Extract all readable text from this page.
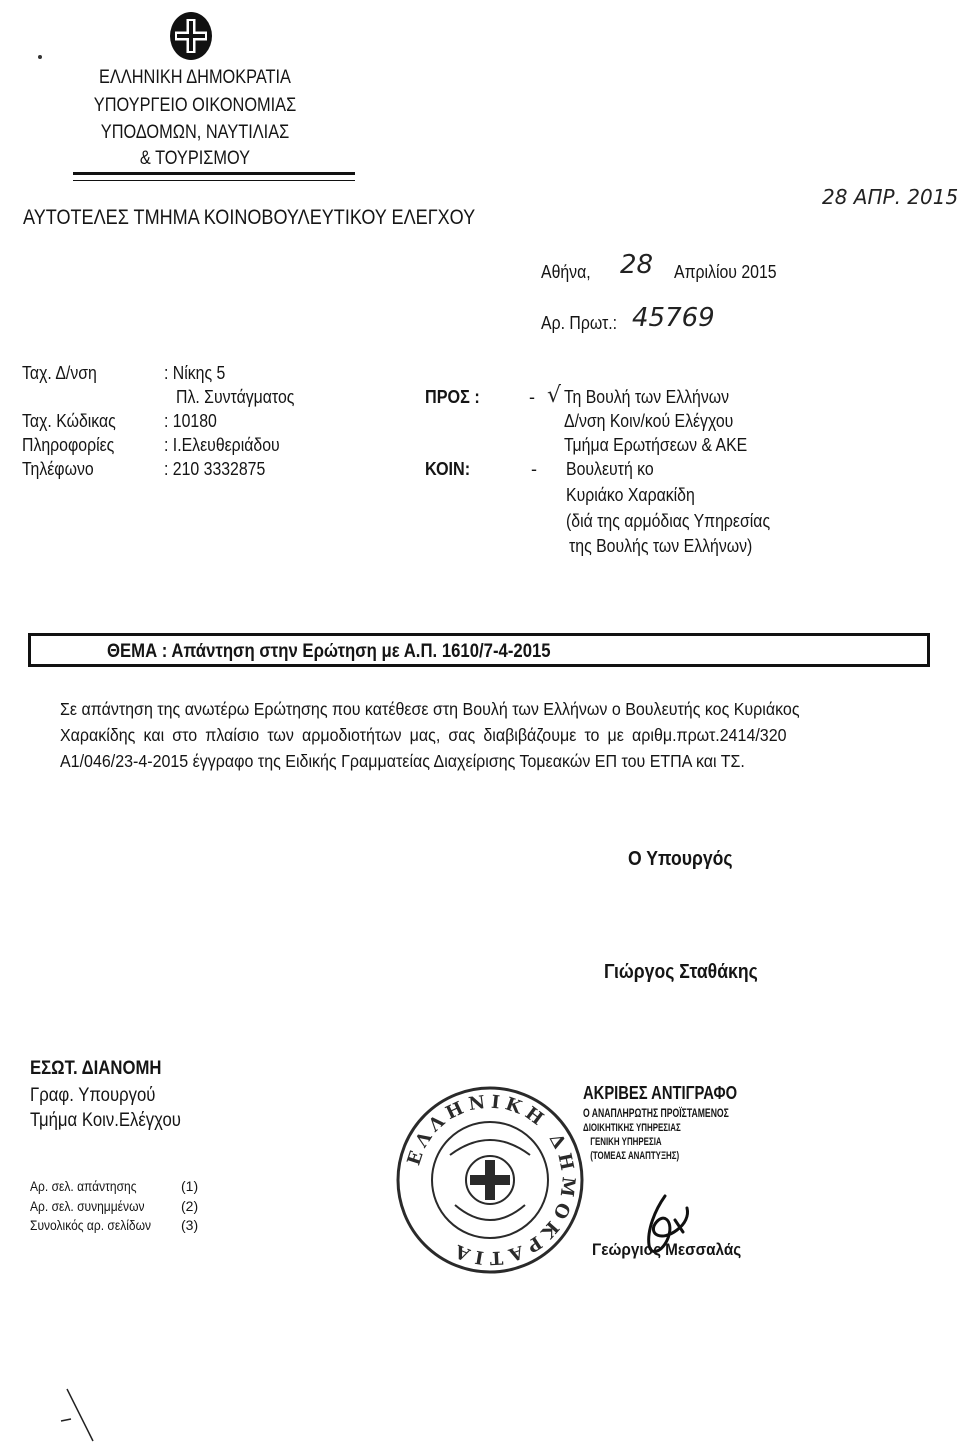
ΕΛΛΗΝΙΚΗ ΔΗΜΟΚΡΑΤΙΑ
ΥΠΟΥΡΓΕΙΟ ΟΙΚΟΝΟΜΙΑΣ
ΥΠΟΔΟΜΩΝ, ΝΑΥΤΙΛΙΑΣ
& ΤΟΥΡΙΣΜΟΥ
ΑΥΤΟΤΕΛΕΣ ΤΜΗΜΑ ΚΟΙΝΟΒΟΥΛΕΥΤΙΚΟΥ ΕΛΕΓΧΟΥ
28 ΑΠΡ. 2015
Αθήνα, 28 Απριλίου 2015
Αρ. Πρωτ.: 45769
Ταχ. Δ/νση	: Νίκης 5
Πλ. Συντάγματος
Ταχ. Κώδικας	: 10180
Πληροφορίες	: Ι.Ελευθεριάδου
Τηλέφωνο	: 210 3332875
ΠΡΟΣ :	- √ Τη Βουλή των Ελλήνων
Δ/νση Κοιν/κού Ελέγχου
Τμήμα Ερωτήσεων & ΑΚΕ
ΚΟΙΝ:	- Βουλευτή κο
Κυριάκο Χαρακίδη
(διά της αρμόδιας Υπηρεσίας
της Βουλής των Ελλήνων)
ΘΕΜΑ : Απάντηση στην Ερώτηση με Α.Π. 1610/7-4-2015
Σε απάντηση της ανωτέρω Ερώτησης που κατέθεσε στη Βουλή των Ελλήνων ο Βουλευτής κος Κυριάκος
Χαρακίδης και στο πλαίσιο των αρμοδιοτήτων μας, σας διαβιβάζουμε το με αριθμ.πρωτ.2414/320
Α1/046/23-4-2015 έγγραφο της Ειδικής Γραμματείας Διαχείρισης Τομεακών ΕΠ του ΕΤΠΑ και ΤΣ.
Ο Υπουργός
Γιώργος Σταθάκης
ΕΣΩΤ. ΔΙΑΝΟΜΗ
Γραφ. Υπουργού
Τμήμα Κοιν.Ελέγχου
Αρ. σελ. απάντησης	(1)
Αρ. σελ. συνημμένων	(2)
Συνολικός αρ. σελίδων (3)
ΕΛΛΗΝΙΚΗ ΔΗΜΟΚΡΑΤΙΑ
ΑΚΡΙΒΕΣ ΑΝΤΙΓΡΑΦΟ
Ο ΑΝΑΠΛΗΡΩΤΗΣ ΠΡΟΪΣΤΑΜΕΝΟΣ
ΔΙΟΙΚΗΤΙΚΗΣ ΥΠΗΡΕΣΙΑΣ
ΓΕΝΙΚΗ ΥΠΗΡΕΣΙΑ
(ΤΟΜΕΑΣ ΑΝΑΠΤΥΞΗΣ)
Γεώργιος Μεσσαλάς
